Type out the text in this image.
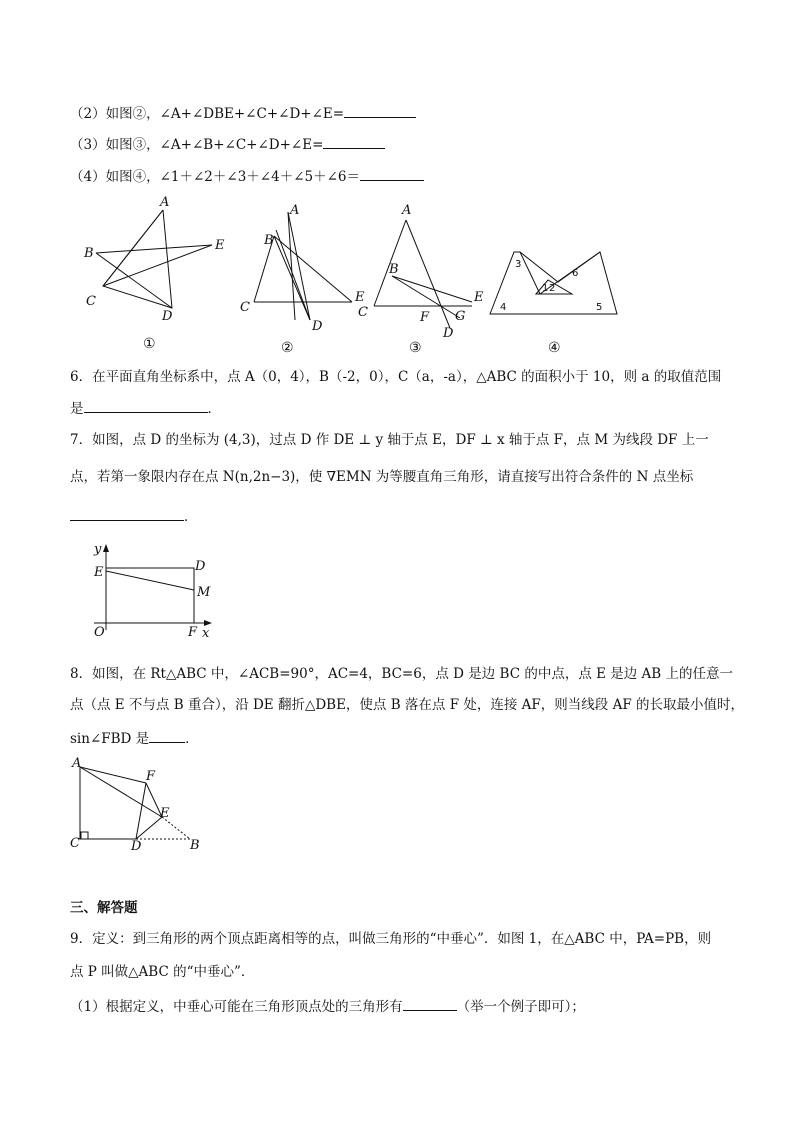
（2）如图②，∠A+∠DBE+∠C+∠D+∠E=
（3）如图③，∠A+∠B+∠C+∠D+∠E=
（4）如图④，∠1＋∠2＋∠3＋∠4＋∠5＋∠6＝
A
B
E
C
D
①
A
B
C
E
D
②
A
B
C
E
F G
D
③
3
6
1 2
4	5
④
6．在平面直角坐标系中，点 A（0，4），B（-2，0），C（a，-a），△ABC 的面积小于 10，则 a 的取值范围
是	．
7．如图，点 D 的坐标为 (4,3)，过点 D 作 DE ⊥ y 轴于点 E，DF ⊥ x 轴于点 F，点 M 为线段 DF 上一
点，若第一象限内存在点 N(n,2n−3)，使 ∇EMN 为等腰直角三角形，请直接写出符合条件的 N 点坐标
．
y
x
E	D
M
O	F
8．如图，在 Rt△ABC 中，∠ACB=90°，AC=4，BC=6，点 D 是边 BC 的中点，点 E 是边 AB 上的任意一
点（点 E 不与点 B 重合），沿 DE 翻折△DBE，使点 B 落在点 F 处，连接 AF，则当线段 AF 的长取最小值时，
sin∠FBD 是	．
A
F
E
C	D	B
三、解答题
9．定义：到三角形的两个顶点距离相等的点，叫做三角形的“中垂心”．如图 1，在△ABC 中，PA=PB，则
点 P 叫做△ABC 的“中垂心”．
（1）根据定义，中垂心可能在三角形顶点处的三角形有	（举一个例子即可）；
